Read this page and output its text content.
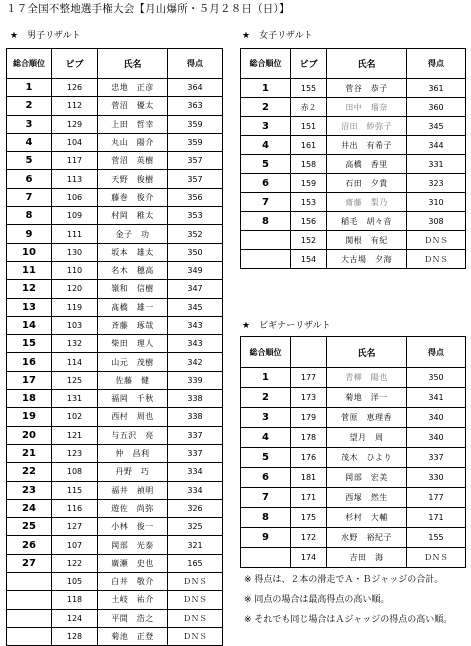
１７全国不整地選手権大会【月山爆所・５月２８日（日）】
★　男子リザルト	★　女子リザルト
★　ビギナーリザルト
総合順位	ビブ	氏名	得点
1	126	忠地　正彦	364
2	112	菅沼　優太	363
3	129	上田　哲幸	359
4	104	丸山　陽介	359
5	117	菅沼　英樹	357
6	113	天野　俊樹	357
7	106	藤巻　俊介	356
8	109	村岡　稚太	353
9	111	金子　功	352
10	130	坂本　雄太	350
11	110	名木　穂高	349
12	120	嶺和　信樹	347
13	119	髙橋　雄一	345
14	103	斉藤　琢哉	343
15	132	柴田　理人	343
16	114	山元　茂樹	342
17	125	佐藤　健	339
18	131	福岡　千秋	338
19	102	西村　周也	338
20	121	与五沢　亮	337
21	123	仲　昌利	337
22	108	丹野　巧	334
23	115	福井　禎明	334
24	116	遊佐　尚弥	326
25	127	小林　俊一	325
26	107	岡部　光泰	321
27	122	廣瀬　史也	165
	105	白井　敬介	ＤＮＳ
	118	土岐　祐介	ＤＮＳ
	124	平間　浩之	ＤＮＳ
	128	菊池　正登	ＤＮＳ
総合順位	ビブ	氏名	得点
1	155	菅谷　恭子	361
2	赤２	田中　瑠奈	360
3	151	沼田　紗弥子	345
4	161	井出　有希子	344
5	158	高橋　香里	331
6	159	石田　夕貴	323
7	153	齋藤　梨乃	310
8	156	稲毛　胡々音	308
	152	関根　有紀	ＤＮＳ
	154	大古場　夕海	ＤＮＳ
総合順位		氏名	得点
1	177	青柳　陽也	350
2	173	菊地　洋一	341
3	179	菅原　恵理香	340
4	178	望月　周	340
5	176	茂木　ひより	337
6	181	岡部　宏美	330
7	171	西塚　然生	177
8	175	杉村　大輔	171
9	172	水野　裕紀子	155
	174	吉田　海	ＤＮＳ
※ 得点は、２本の滑走でＡ・Ｂジャッジの合計。
※ 同点の場合は最高得点の高い順。
※ それでも同じ場合はＡジャッジの得点の高い順。
